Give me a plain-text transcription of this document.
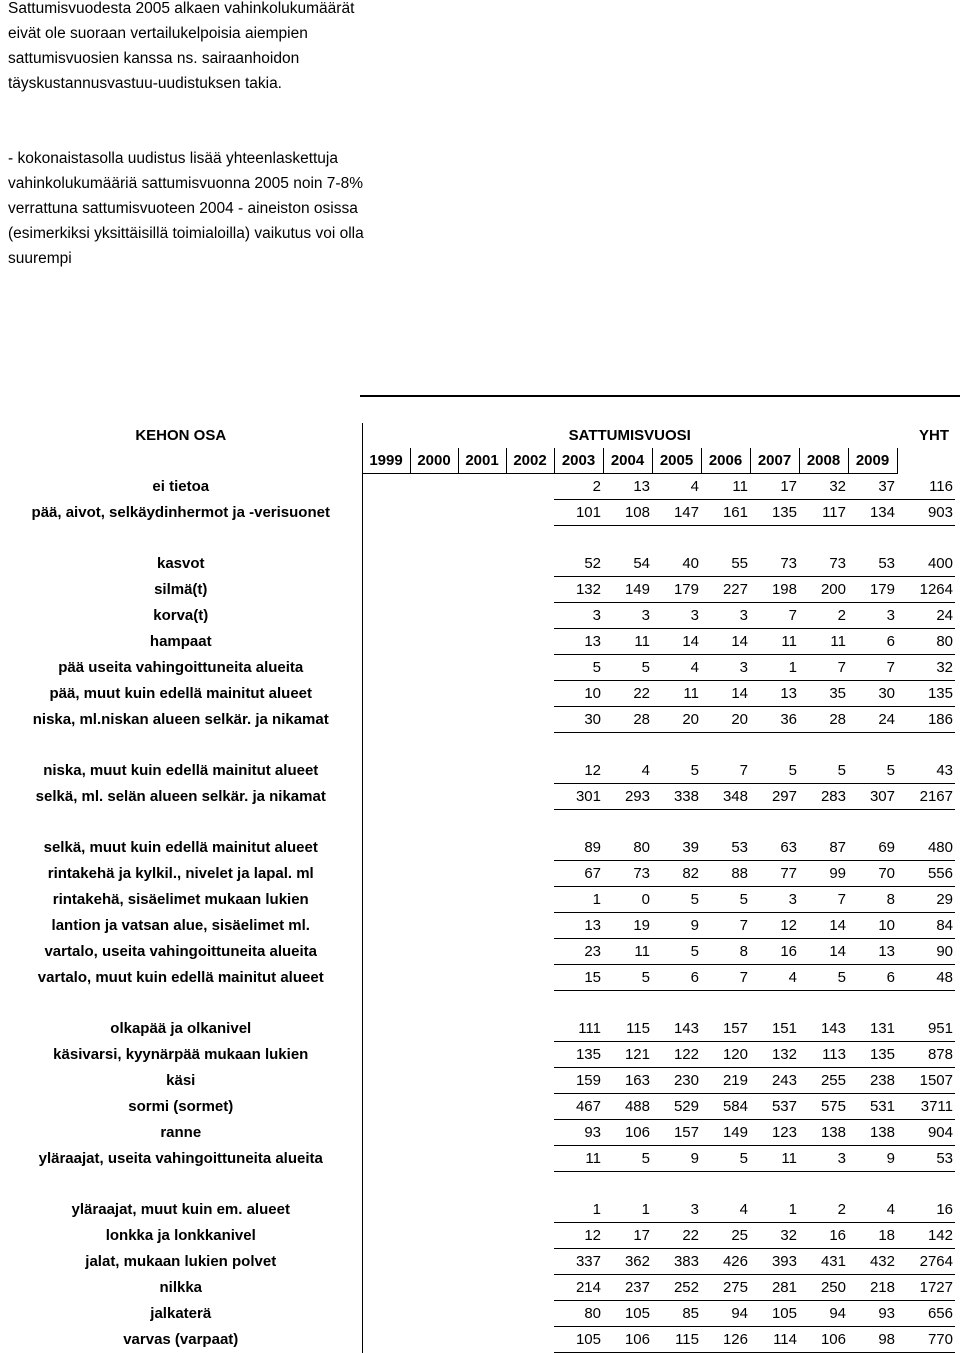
Sattumisvuodesta 2005 alkaen vahinkolukumäärät eivät ole suoraan vertailukelpoisia aiempien sattumisvuosien kanssa ns. sairaanhoidon täyskustannusvastuu-uudistuksen takia.
- kokonaistasolla uudistus lisää yhteenlaskettuja vahinkolukumääriä sattumisvuonna 2005 noin 7-8% verrattuna sattumisvuoteen 2004 - aineiston osissa (esimerkiksi yksittäisillä toimialoilla) vaikutus voi olla suurempi
KEHON OSA	SATTUMISVUOSI											YHT
	1999	2000	2001	2002	2003	2004	2005	2006	2007	2008	2009	
ei tietoa					2	13	4	11	17	32	37	116
pää, aivot, selkäydinhermot ja -verisuonet					101	108	147	161	135	117	134	903

kasvot					52	54	40	55	73	73	53	400
silmä(t)					132	149	179	227	198	200	179	1264
korva(t)					3	3	3	3	7	2	3	24
hampaat					13	11	14	14	11	11	6	80
pää useita vahingoittuneita alueita					5	5	4	3	1	7	7	32
pää, muut kuin edellä mainitut alueet					10	22	11	14	13	35	30	135
niska, ml.niskan alueen selkär. ja nikamat					30	28	20	20	36	28	24	186

niska, muut kuin edellä mainitut alueet					12	4	5	7	5	5	5	43
selkä, ml. selän alueen selkär. ja nikamat					301	293	338	348	297	283	307	2167

selkä, muut kuin edellä mainitut alueet					89	80	39	53	63	87	69	480
rintakehä ja kylkil., nivelet ja lapal. ml					67	73	82	88	77	99	70	556
rintakehä, sisäelimet mukaan lukien					1	0	5	5	3	7	8	29
lantion ja vatsan alue, sisäelimet ml.					13	19	9	7	12	14	10	84
vartalo, useita vahingoittuneita alueita					23	11	5	8	16	14	13	90
vartalo, muut kuin edellä mainitut alueet					15	5	6	7	4	5	6	48

olkapää ja olkanivel					111	115	143	157	151	143	131	951
käsivarsi, kyynärpää mukaan lukien					135	121	122	120	132	113	135	878
käsi					159	163	230	219	243	255	238	1507
sormi (sormet)					467	488	529	584	537	575	531	3711
ranne					93	106	157	149	123	138	138	904
yläraajat, useita vahingoittuneita alueita					11	5	9	5	11	3	9	53

yläraajat, muut kuin em. alueet					1	1	3	4	1	2	4	16
lonkka ja lonkkanivel					12	17	22	25	32	16	18	142
jalat, mukaan lukien polvet					337	362	383	426	393	431	432	2764
nilkka					214	237	252	275	281	250	218	1727
jalkaterä					80	105	85	94	105	94	93	656
varvas (varpaat)					105	106	115	126	114	106	98	770
